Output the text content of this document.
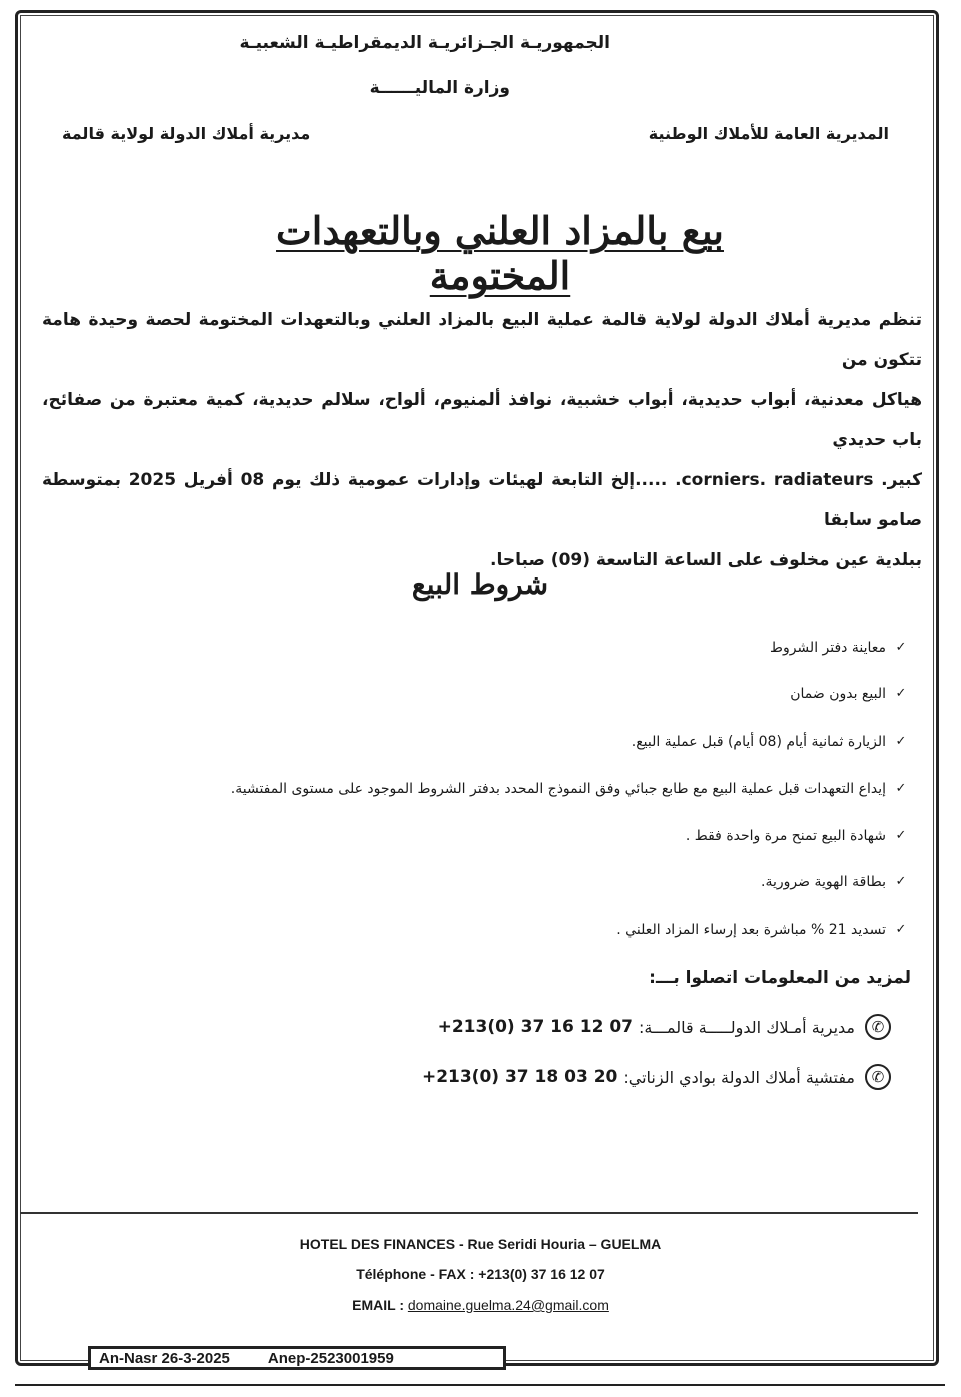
الجمهوريـة الجـزائريـة الديمقراطيـة الشعبيـة
وزارة الماليــــــة
المديرية العامة للأملاك الوطنية
مديرية أملاك الدولة لولاية قالمة
بيع بالمزاد العلني وبالتعهدات المختومة
تنظم مديرية أملاك الدولة لولاية قالمة عملية البيع بالمزاد العلني وبالتعهدات المختومة لحصة وحيدة هامة تتكون من
هياكل معدنية، أبواب حديدية، أبواب خشبية، نوافذ ألمنيوم، ألواح، سلالم حديدية، كمية معتبرة من صفائح، باب حديدي
كبير. corniers. radiateurs. .....إلخ التابعة لهيئات وإدارات عمومية ذلك يوم 08 أفريل 2025 بمتوسطة صامو سابقا
ببلدية عين مخلوف على الساعة التاسعة (09) صباحا.
شروط البيع
✓
معاينة دفتر الشروط
✓
البيع بدون ضمان
✓
الزيارة ثمانية أيام (08 أيام) قبل عملية البيع.
✓
إيداع التعهدات قبل عملية البيع مع طابع جبائي وفق النموذج المحدد بدفتر الشروط الموجود على مستوى المفتشية.
✓
شهادة البيع تمنح مرة واحدة فقط .
✓
بطاقة الهوية ضرورية.
✓
تسديد 21 % مباشرة بعد إرساء المزاد العلني .
لمزيد من المعلومات اتصلوا بـــ:
✆
مديرية أمـلاك الدولـــــة قالمـــة:
+213(0) 37 16 12 07
✆
مفتشية أملاك الدولة بوادي الزناتي:
+213(0) 37 18 03 20
HOTEL DES FINANCES - Rue Seridi Houria – GUELMA
Téléphone - FAX : +213(0) 37 16 12 07
EMAIL : domaine.guelma.24@gmail.com
An-Nasr 26-3-2025	Anep-2523001959
